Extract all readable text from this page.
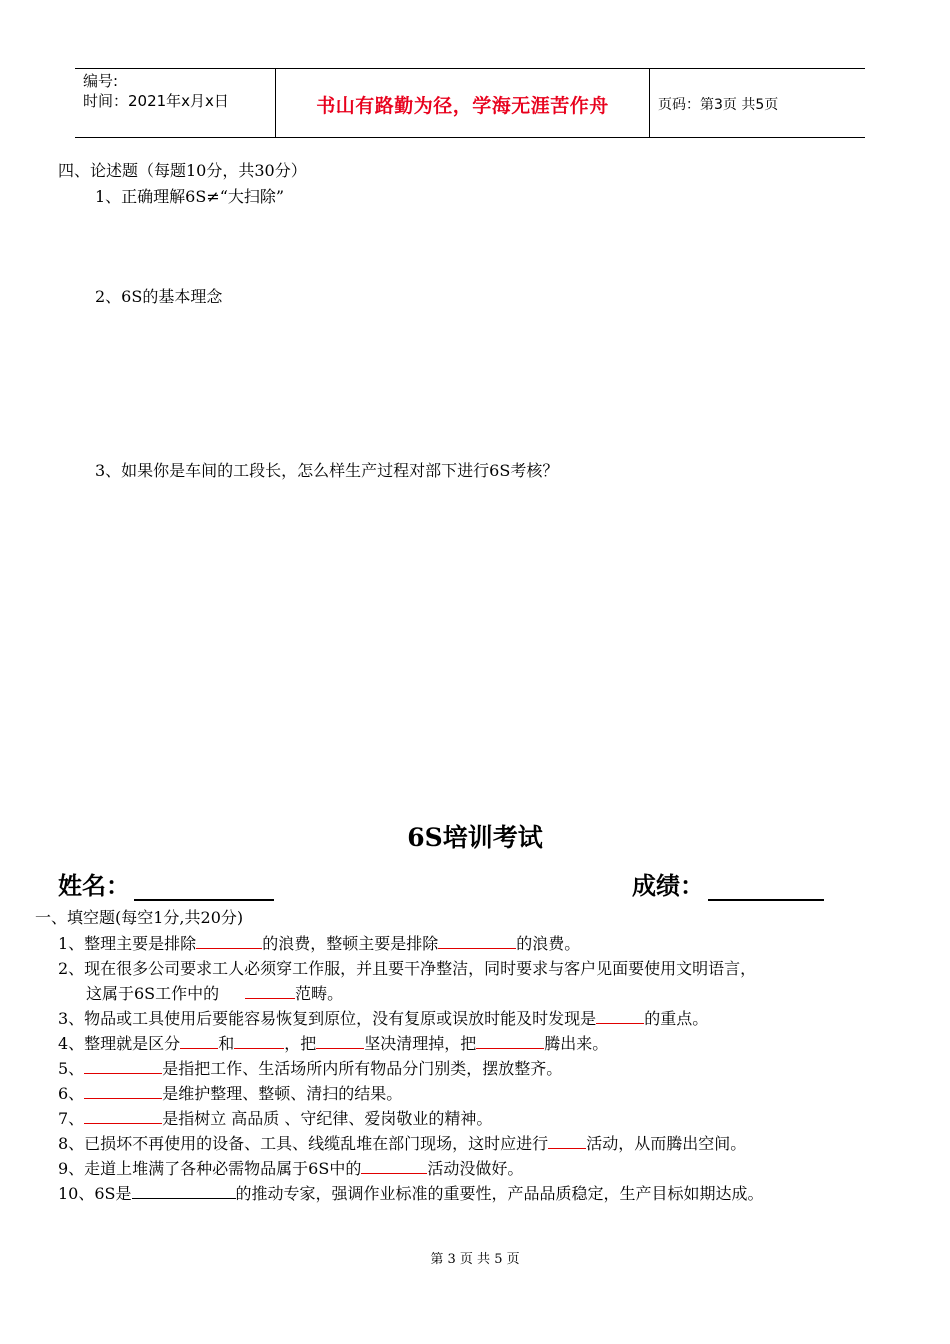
编号:
时间：2021年x月x日	书山有路勤为径，学海无涯苦作舟	页码：第3页 共5页
四、论述题（每题10分，共30分）
1、正确理解6S≠“大扫除”
2、6S的基本理念
3、如果你是车间的工段长，怎么样生产过程对部下进行6S考核？
6S培训考试
姓名：	成绩：
一、填空题(每空1分,共20分)
1、整理主要是排除	的浪费，整顿主要是排除	的浪费。
2、现在很多公司要求工人必须穿工作服，并且要干净整洁，同时要求与客户见面要使用文明语言，
这属于6S工作中的	范畴。
3、物品或工具使用后要能容易恢复到原位，没有复原或误放时能及时发现是	的重点。
4、整理就是区分 和	，把	坚决清理掉，把	腾出来。
5、	是指把工作、生活场所内所有物品分门别类，摆放整齐。
6、	是维护整理、整顿、清扫的结果。
7、	是指树立 高品质 、守纪律、爱岗敬业的精神。
8、已损坏不再使用的设备、工具、线缆乱堆在部门现场，这时应进行 活动，从而腾出空间。
9、走道上堆满了各种必需物品属于6S中的	活动没做好。
10、6S是	的推动专家，强调作业标准的重要性，产品品质稳定，生产目标如期达成。
第 3 页 共 5 页
